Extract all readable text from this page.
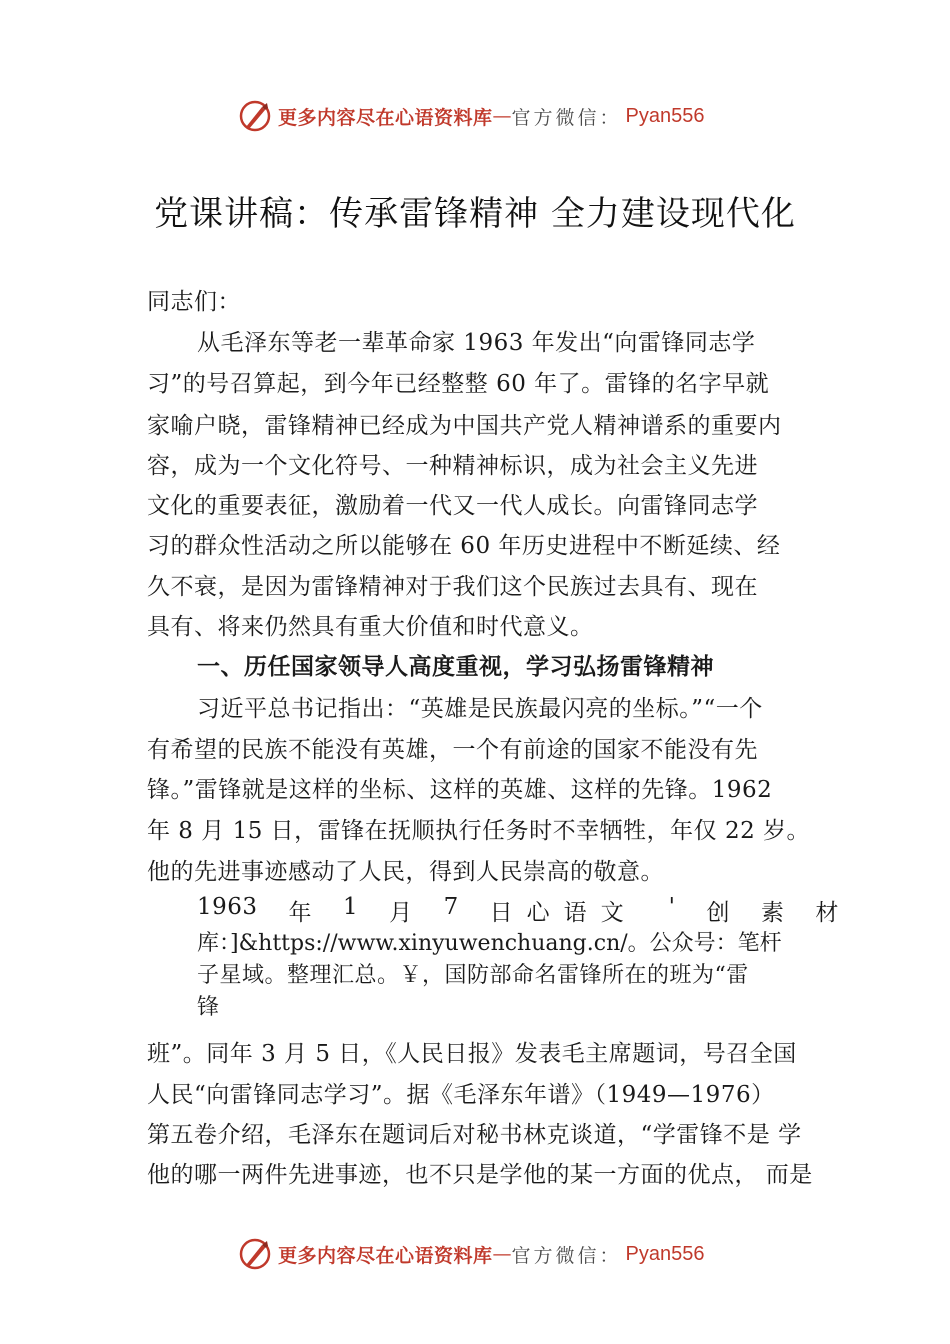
更多内容尽在心语资料库 — 官方微信： Pyan556
党课讲稿：传承雷锋精神 全力建设现代化
同志们：
从毛泽东等老一辈革命家 1963 年发出“向雷锋同志学
习”的号召算起，到今年已经整整 60 年了。雷锋的名字早就
家喻户晓，雷锋精神已经成为中国共产党人精神谱系的重要内
容，成为一个文化符号、一种精神标识，成为社会主义先进
文化的重要表征，激励着一代又一代人成长。向雷锋同志学
习的群众性活动之所以能够在 60 年历史进程中不断延续、经
久不衰，是因为雷锋精神对于我们这个民族过去具有、现在
具有、将来仍然具有重大价值和时代意义。
一、历任国家领导人高度重视，学习弘扬雷锋精神
习近平总书记指出：“英雄是民族最闪亮的坐标。”“一个
有希望的民族不能没有英雄，一个有前途的国家不能没有先
锋。”雷锋就是这样的坐标、这样的英雄、这样的先锋。1962
年 8 月 15 日，雷锋在抚顺执行任务时不幸牺牲，年仅 22 岁。
他的先进事迹感动了人民，得到人民崇高的敬意。
1963 年 1 月 7 日心语文 ' 创 素 材
库：]&https://www.xinyuwenchuang.cn/。公众号：笔杆
子星域。整理汇总。￥，国防部命名雷锋所在的班为“雷
锋
班”。同年 3 月 5 日，《人民日报》发表毛主席题词，号召全国
人民“向雷锋同志学习”。据《毛泽东年谱》（1949—1976）
第五卷介绍，毛泽东在题词后对秘书林克谈道，“学雷锋不是 学
他的哪一两件先进事迹，也不只是学他的某一方面的优点， 而是
更多内容尽在心语资料库 — 官方微信： Pyan556
